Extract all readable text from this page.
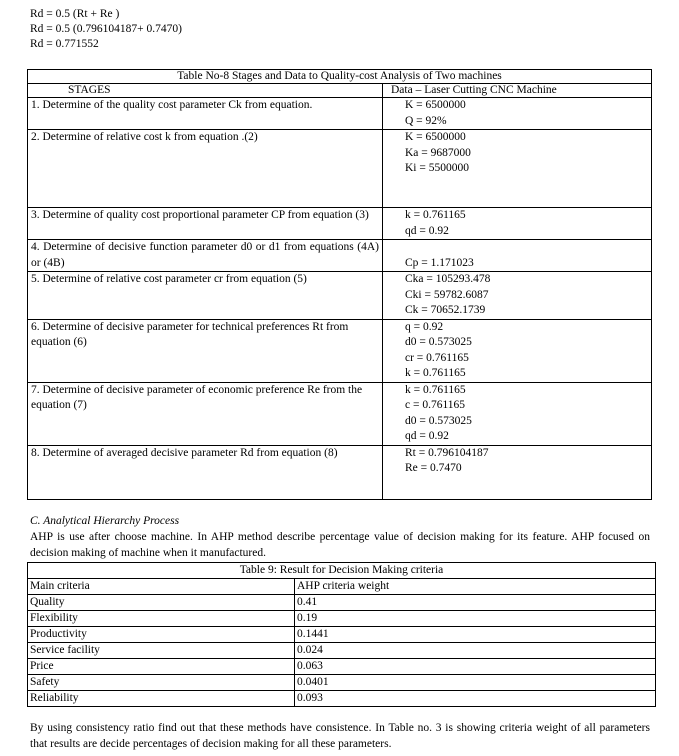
Rd = 0.5 (Rt + Re )
Rd = 0.5 (0.796104187+ 0.7470)
Rd = 0.771552
Table No-8 Stages and Data to Quality-cost Analysis of Two machines	
STAGES	Data – Laser Cutting CNC Machine
1. Determine of the quality cost parameter Ck from equation.	K = 6500000
Q = 92%

2. Determine of relative cost k from equation .(2)	K = 6500000
Ka = 9687000
Ki = 5500000

3. Determine of quality cost proportional parameter CP from equation (3)	k = 0.761165
qd = 0.92

4. Determine of decisive function parameter d0 or d1 from equations (4A) or (4B)	Cp = 1.171023

5. Determine of relative cost parameter cr from equation (5)	Cka = 105293.478
Cki = 59782.6087
Ck = 70652.1739

6. Determine of decisive parameter for technical preferences Rt from equation (6)	q = 0.92
d0 = 0.573025
cr = 0.761165
k = 0.761165

7. Determine of decisive parameter of economic preference Re from the equation (7)	k = 0.761165
c = 0.761165
d0 = 0.573025
qd = 0.92

8. Determine of averaged decisive parameter Rd from equation (8)	Rt = 0.796104187
Re = 0.7470
C. Analytical Hierarchy Process
AHP is use after choose machine. In AHP method describe percentage value of decision making for its feature. AHP focused on decision making of machine when it manufactured.
Table 9: Result for Decision Making criteria	
Main criteria	AHP criteria weight
Quality	0.41
Flexibility	0.19
Productivity	0.1441
Service facility	0.024
Price	0.063
Safety	0.0401
Reliability	0.093
By using consistency ratio find out that these methods have consistence. In Table no. 3 is showing criteria weight of all parameters that results are decide percentages of decision making for all these parameters.
